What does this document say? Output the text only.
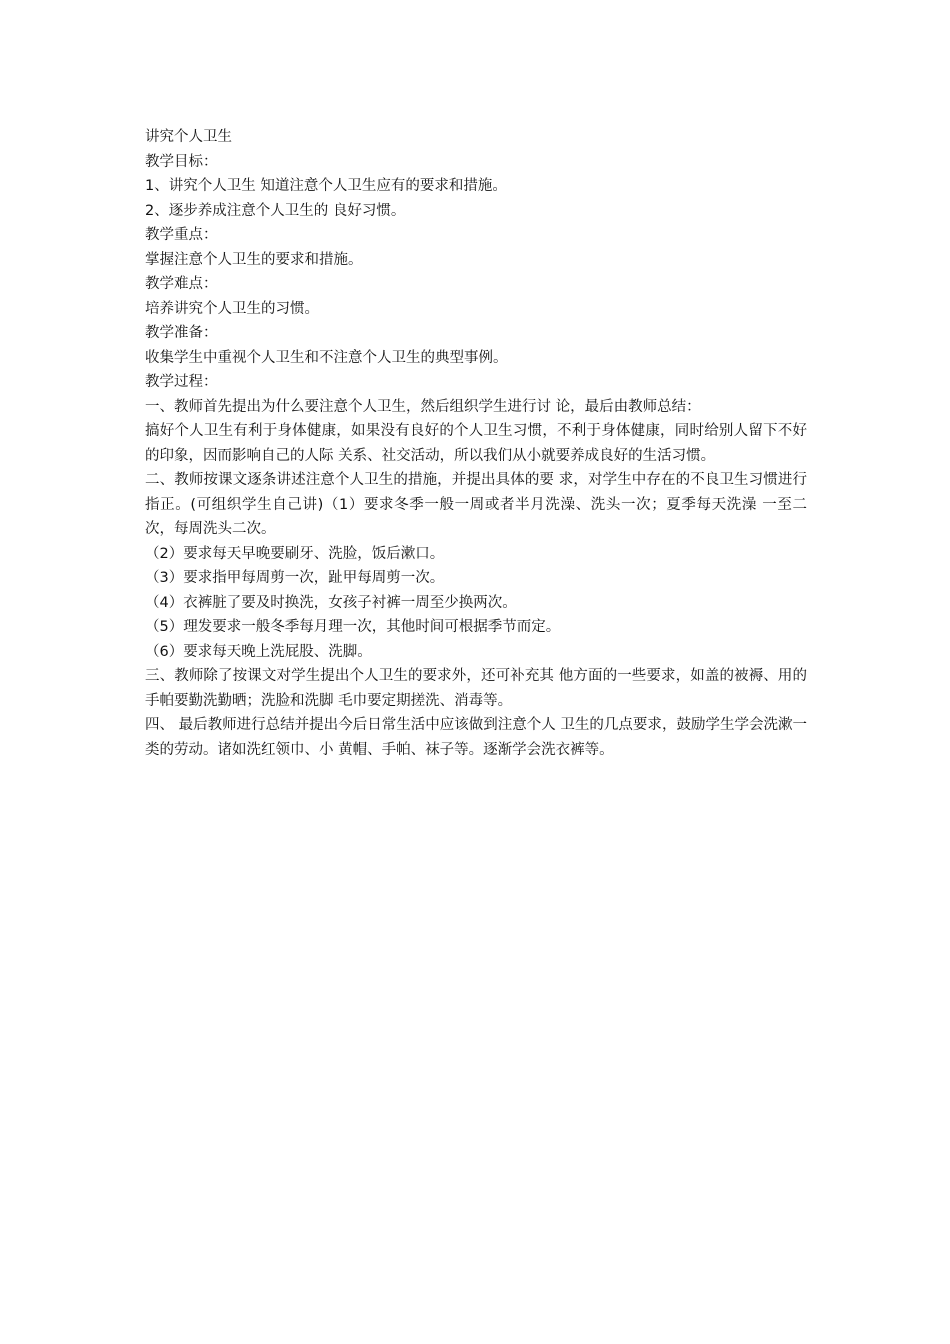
讲究个人卫生

教学目标：

1、讲究个人卫生 知道注意个人卫生应有的要求和措施。

2、逐步养成注意个人卫生的 良好习惯。

教学重点：

掌握注意个人卫生的要求和措施。

教学难点：

培养讲究个人卫生的习惯。

教学准备：

收集学生中重视个人卫生和不注意个人卫生的典型事例。

教学过程：

一、教师首先提出为什么要注意个人卫生，然后组织学生进行讨 论，最后由教师总结：

搞好个人卫生有利于身体健康，如果没有良好的个人卫生习惯，不利于身体健康，同时给别人留下不好的印象，因而影响自己的人际 关系、社交活动，所以我们从小就要养成良好的生活习惯。

二、教师按课文逐条讲述注意个人卫生的措施，并提出具体的要 求，对学生中存在的不良卫生习惯进行指正。(可组织学生自己讲)（1）要求冬季一般一周或者半月洗澡、洗头一次；夏季每天洗澡 一至二次，每周洗头二次。

（2）要求每天早晚要刷牙、洗脸，饭后漱口。

（3）要求指甲每周剪一次，趾甲每周剪一次。

（4）衣裤脏了要及时换洗，女孩子衬裤一周至少换两次。

（5）理发要求一般冬季每月理一次，其他时间可根据季节而定。

（6）要求每天晚上洗屁股、洗脚。

三、教师除了按课文对学生提出个人卫生的要求外，还可补充其 他方面的一些要求，如盖的被褥、用的手帕要勤洗勤晒；洗脸和洗脚 毛巾要定期搓洗、消毒等。

四、 最后教师进行总结并提出今后日常生活中应该做到注意个人 卫生的几点要求，鼓励学生学会洗漱一类的劳动。诸如洗红领巾、小 黄帽、手帕、袜子等。逐渐学会洗衣裤等。
